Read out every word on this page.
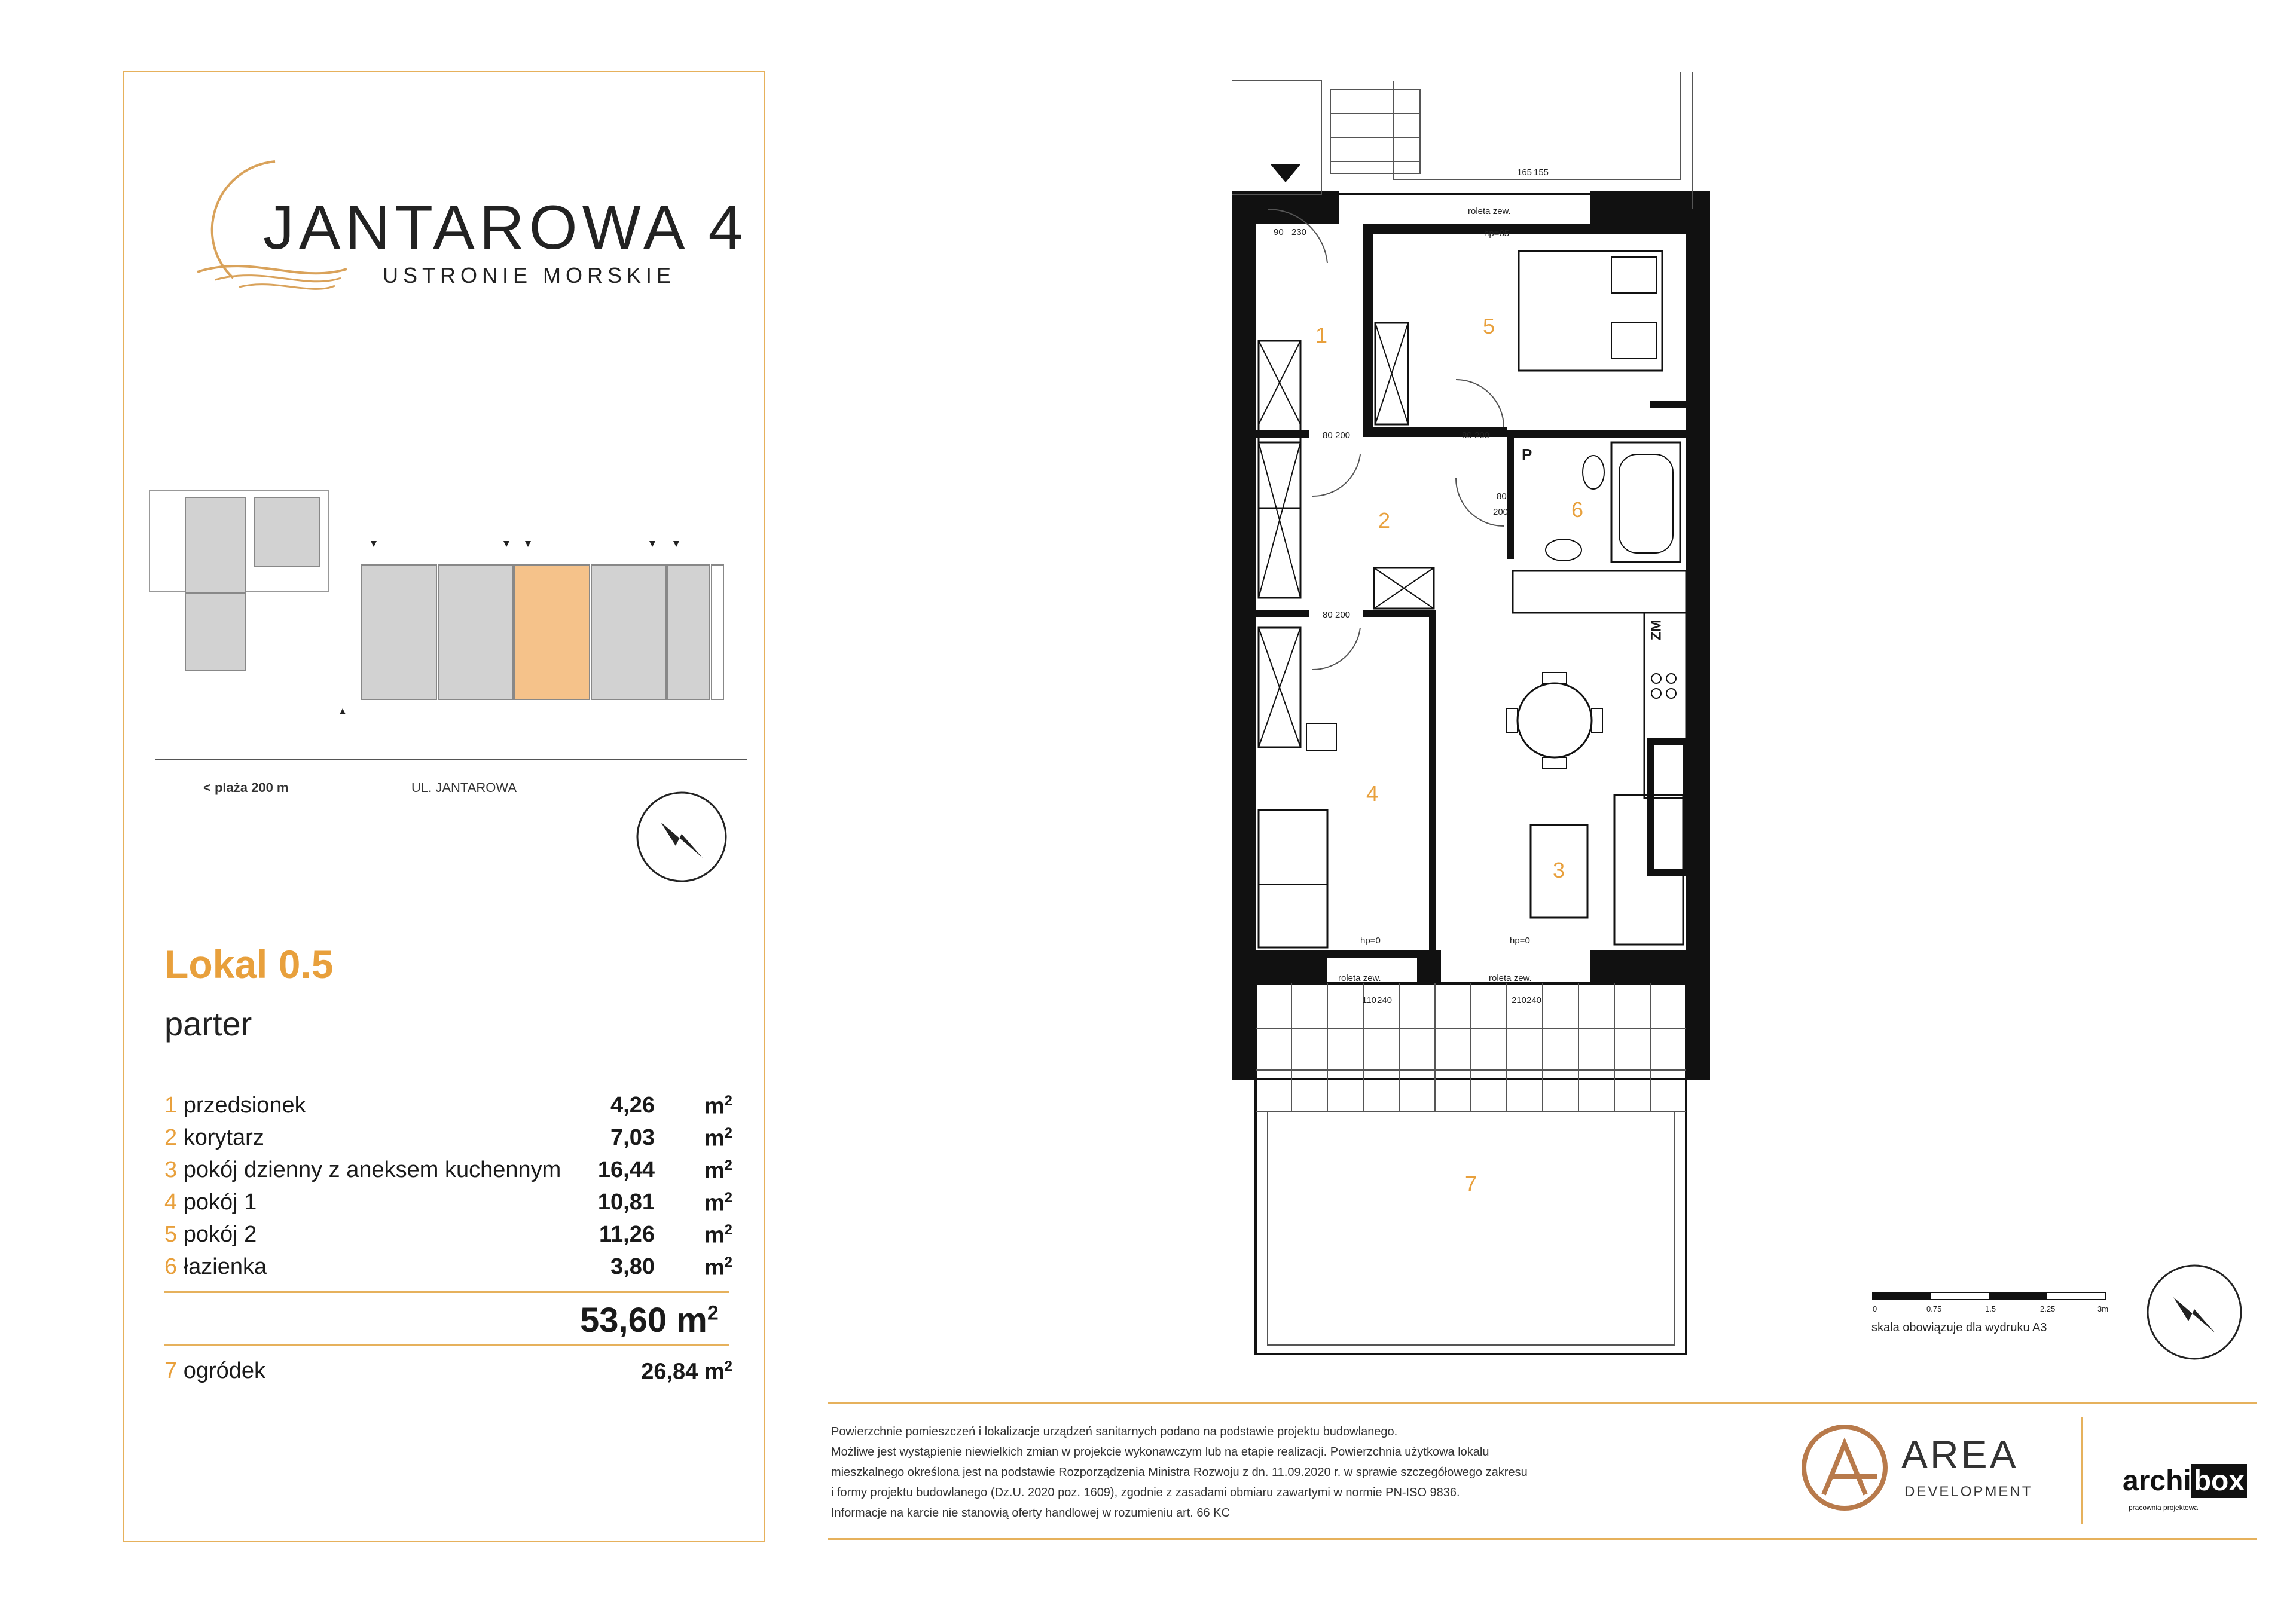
JANTAROWA 4
USTRONIE MORSKIE
< plaża 200 m	UL. JANTAROWA
Lokal 0.5
parter
1 przedsionek	4,26 $m^2$
2 korytarz	7,03 $m^2$
3 pokój dzienny z aneksem kuchennym 16,44 $m^2$
4 pokój 1	10,81 $m^2$
5 pokój 2	11,26 $m^2$
6 łazienka	3,80 $m^2$
53,60 $m^2$
7 ogródek	26,84 $m^2$
1
2
3
4
5
6
7
roleta zew.
hp=85
roleta zew.	roleta zew.
hp=0	hp=0
80
200
90 230
80 200
80 200
80 200
165 155
110 240	210 240
P
ZM
0	0.75	1.5	2.25	3m
skala obowiązuje dla wydruku A3
Powierzchnie pomieszczeń i lokalizacje urządzeń sanitarnych podano na podstawie projektu budowlanego.
Możliwe jest wystąpienie niewielkich zmian w projekcie wykonawczym lub na etapie realizacji. Powierzchnia użytkowa lokalu
mieszkalnego określona jest na podstawie Rozporządzenia Ministra Rozwoju z dn. 11.09.2020 r. w sprawie szczegółowego zakresu
i formy projektu budowlanego (Dz.U. 2020 poz. 1609), zgodnie z zasadami obmiaru zawartymi w normie PN-ISO 9836.
Informacje na karcie nie stanowią oferty handlowej w rozumieniu art. 66 KC
AREA
DEVELOPMENT	archibox
pracownia projektowa
